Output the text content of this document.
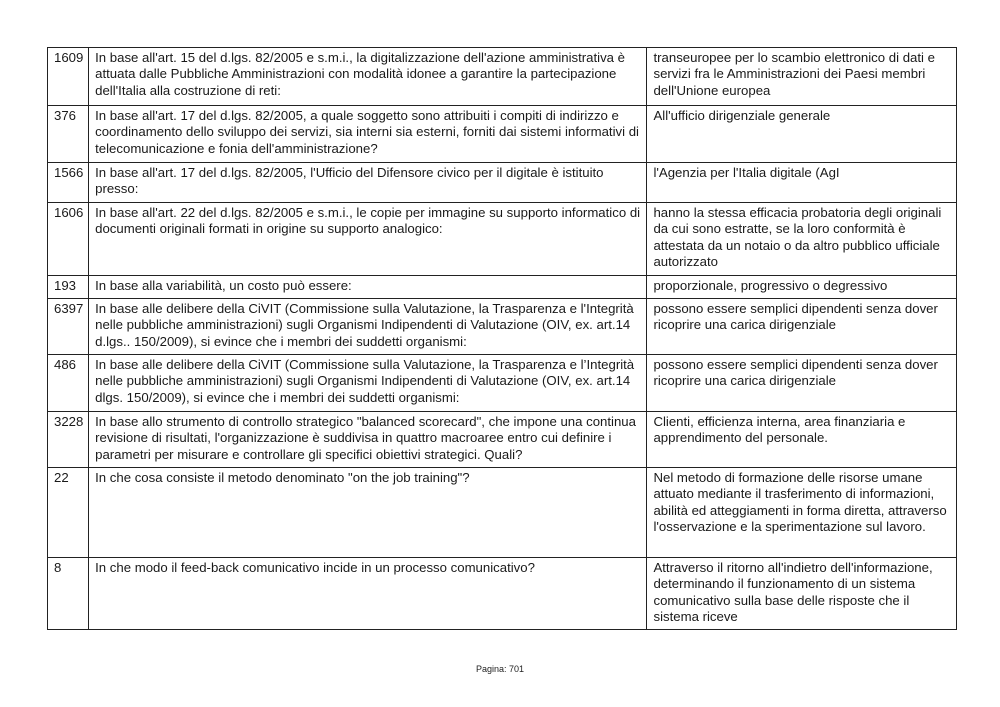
1609	In base all'art. 15 del d.lgs. 82/2005 e s.m.i., la digitalizzazione dell'azione amministrativa è attuata dalle Pubbliche Amministrazioni con modalità idonee a garantire la partecipazione dell'Italia alla costruzione di reti:	transeuropee per lo scambio elettronico di dati e servizi fra le Amministrazioni dei Paesi membri dell'Unione europea
376	In base all'art. 17 del d.lgs. 82/2005, a quale soggetto sono attribuiti i compiti di indirizzo e coordinamento dello sviluppo dei servizi, sia interni sia esterni, forniti dai sistemi informativi di telecomunicazione e fonia dell'amministrazione?	All'ufficio dirigenziale generale
1566	In base all'art. 17 del d.lgs. 82/2005, l'Ufficio del Difensore civico per il digitale è istituito presso:	l'Agenzia per l'Italia digitale (AgI
1606	In base all'art. 22 del d.lgs. 82/2005 e s.m.i., le copie per immagine su supporto informatico di documenti originali formati in origine su supporto analogico:	hanno la stessa efficacia probatoria degli originali da cui sono estratte, se la loro conformità è attestata da un notaio o da altro pubblico ufficiale autorizzato
193	In base alla variabilità, un costo può essere:	proporzionale, progressivo o degressivo
6397	In base alle delibere della CiVIT (Commissione sulla Valutazione, la Trasparenza e l'Integrità nelle pubbliche amministrazioni) sugli Organismi Indipendenti di Valutazione (OIV, ex. art.14 d.lgs.. 150/2009), si evince che i membri dei suddetti organismi:	possono essere semplici dipendenti senza dover ricoprire una carica dirigenziale
486	In base alle delibere della CiVIT (Commissione sulla Valutazione, la Trasparenza e l’Integrità nelle pubbliche amministrazioni) sugli Organismi Indipendenti di Valutazione (OIV, ex. art.14 dlgs. 150/2009), si evince che i membri dei suddetti organismi:	possono essere semplici dipendenti senza dover ricoprire una carica dirigenziale
3228	In base allo strumento di controllo strategico "balanced scorecard", che impone una continua revisione di risultati, l'organizzazione è suddivisa in quattro macroaree entro cui definire i parametri per misurare e controllare gli specifici obiettivi strategici. Quali?	Clienti, efficienza interna, area finanziaria e apprendimento del personale.
22	In che cosa consiste il metodo denominato "on the job training"?	Nel metodo di formazione delle risorse umane attuato mediante il trasferimento di informazioni, abilità ed atteggiamenti in forma diretta, attraverso l'osservazione e la sperimentazione sul lavoro.
8	In che modo il feed-back comunicativo incide in un processo comunicativo?	Attraverso il ritorno all'indietro dell'informazione, determinando il funzionamento di un sistema comunicativo sulla base delle risposte che il sistema riceve
Pagina: 701
